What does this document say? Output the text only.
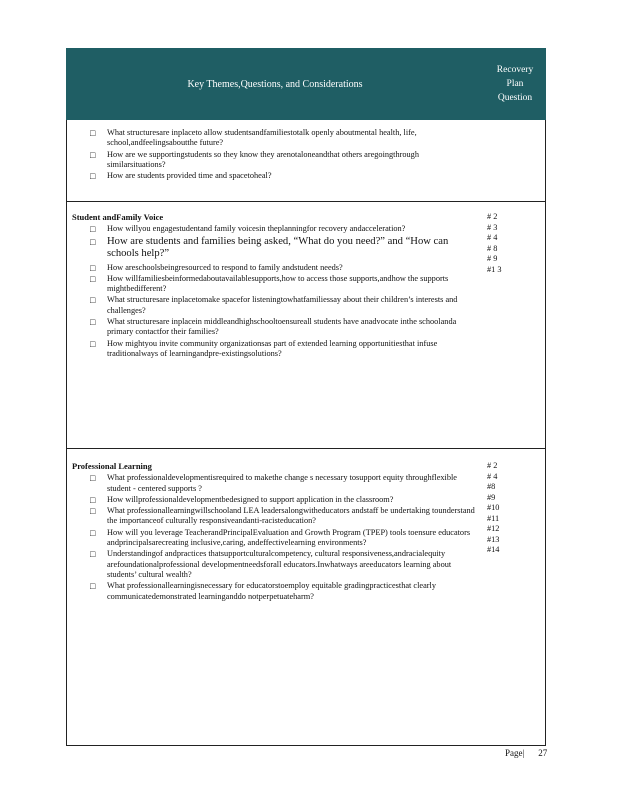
Key Themes,Questions, and Considerations
Recovery
Plan
Question
□ What structuresare inplaceto allow studentsandfamiliestotalk openly aboutmental health, life, school,andfeelingsaboutthe future?
□ How are we supportingstudents so they know they arenotaloneandthat others aregoingthrough similarsituations?
□ How are students provided time and spacetoheal?
Student andFamily Voice
□ How willyou engagestudentand family voicesin theplanningfor recovery andacceleration?
□ How are students and families being asked, “What do you need?” and “How can schools help?”
□ How areschoolsbeingresourced to respond to family andstudent needs?
□ How willfamiliesbeinformedaboutavailablesupports,how to access those supports,andhow the supports mightbedifferent?
□ What structuresare inplacetomake spacefor listeningtowhatfamiliessay about their children’s interests and challenges?
□ What structuresare inplacein middleandhighschooltoensureall students have anadvocate inthe schoolanda primary contactfor their families?
□ How mightyou invite community organizationsas part of extended learning opportunitiesthat infuse traditionalways of learningandpre-existingsolutions?
# 2
# 3
# 4
# 8
# 9
#1 3
Professional Learning
□ What professionaldevelopmentisrequired to makethe change s necessary tosupport equity throughflexible student - centered supports ?
□ How willprofessionaldevelopmentbedesigned to support application in the classroom?
□ What professionallearningwillschooland LEA leadersalongwitheducators andstaff be undertaking tounderstand the importanceof culturally responsiveandanti-racisteducation?
□ How will you leverage TeacherandPrincipalEvaluation and Growth Program (TPEP) tools toensure educators andprincipalsarecreating inclusive,caring, andeffectivelearning environments?
□ Understandingof andpractices thatsupportculturalcompetency, cultural responsiveness,andracialequity arefoundationalprofessional developmentneedsforall educators.Inwhatways areeducators learning about students’ cultural wealth?
□ What professionallearningisnecessary for educatorstoemploy equitable gradingpracticesthat clearly communicatedemonstrated learninganddo notperpetuateharm?
# 2
# 4
#8
#9
#10
#11
#12
#13
#14
Page| 27
